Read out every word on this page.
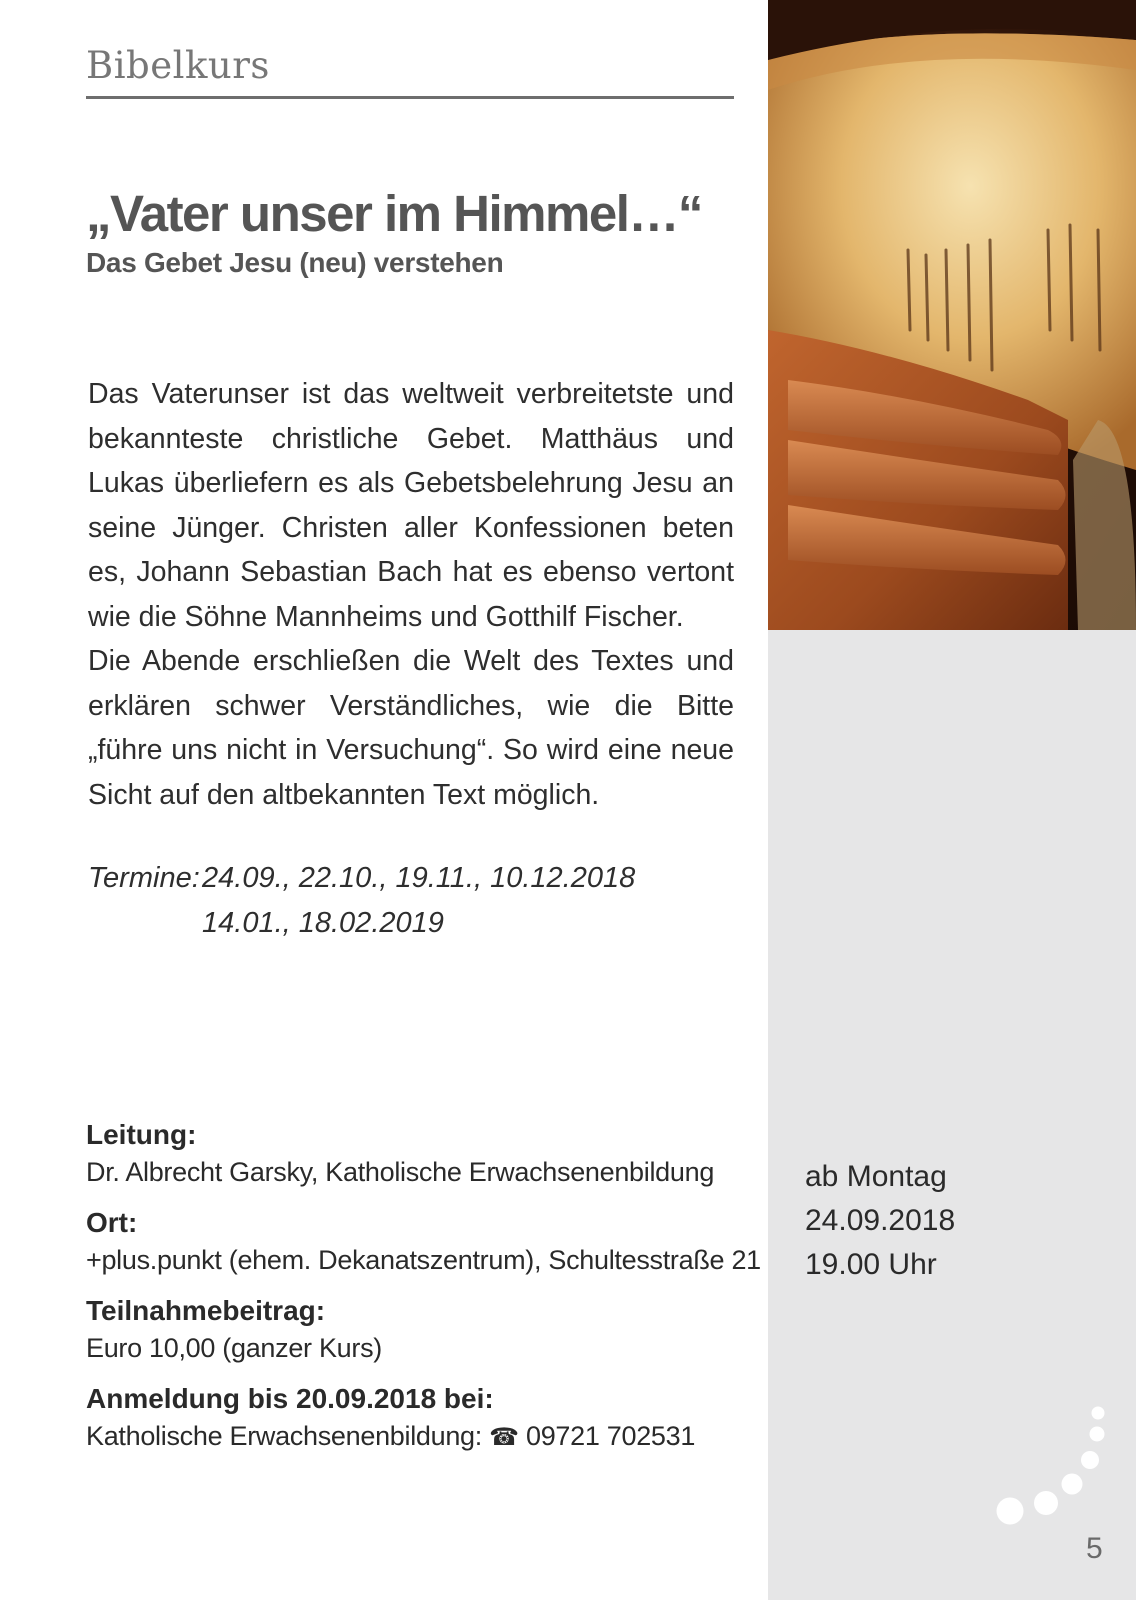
Bibelkurs
„Vater unser im Himmel…“
Das Gebet Jesu (neu) verstehen

Das Vaterunser ist das weltweit verbreitetste und bekannteste christliche Gebet. Matthäus und Lukas überliefern es als Gebetsbelehrung Jesu an seine Jünger. Christen aller Konfessionen beten es, Johann Sebastian Bach hat es ebenso vertont wie die Söhne Mannheims und Gotthilf Fischer.

Die Abende erschließen die Welt des Textes und erklären schwer Verständliches, wie die Bitte „führe uns nicht in Versuchung“. So wird eine neue Sicht auf den altbekannten Text möglich.

Termine:24.09., 22.10., 19.11., 10.12.2018
14.01., 18.02.2019
Leitung:
Dr. Albrecht Garsky, Katholische Erwachsenenbildung
Ort:
+plus.punkt (ehem. Dekanatszentrum), Schultesstraße 21
Teilnahmebeitrag:
Euro 10,00 (ganzer Kurs)
Anmeldung bis 20.09.2018 bei:
Katholische Erwachsenenbildung: ☎ 09721 702531
ab Montag
24.09.2018
19.00 Uhr
5
